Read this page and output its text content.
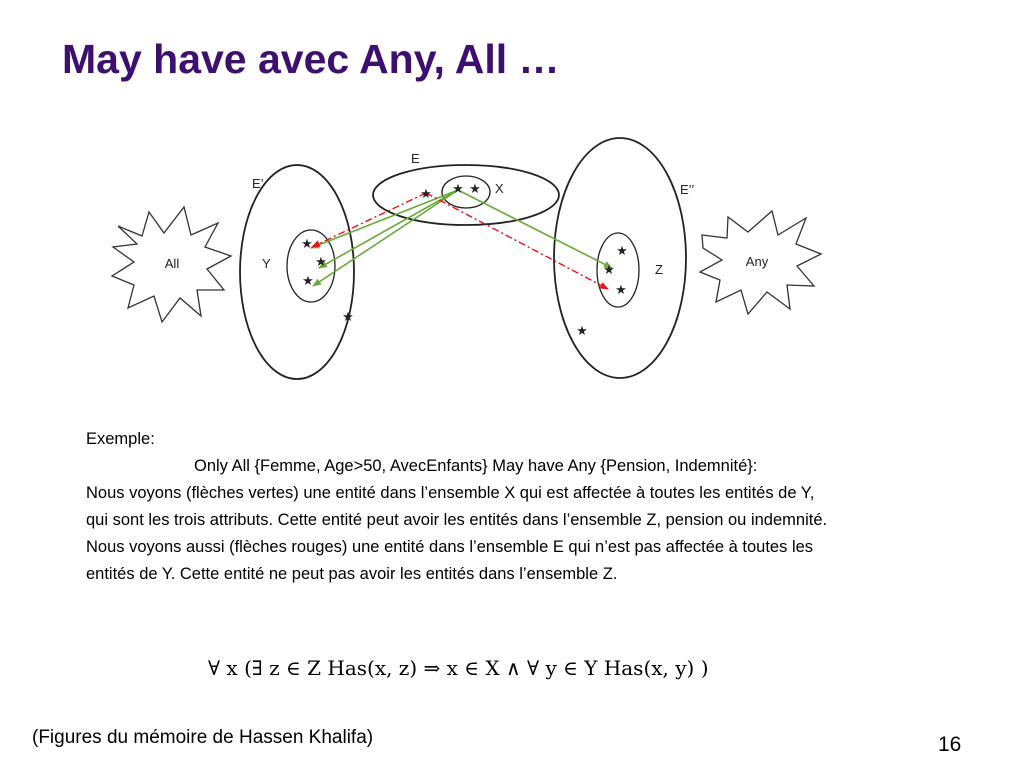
May have avec Any, All …
All	Any
E’
Y
E
X	E’’
Z
★ ★ ★
★
★
★
★
★
★
★
★

Exemple:

Only All {Femme, Age>50, AvecEnfants} May have Any {Pension, Indemnité}:

Nous voyons (flèches vertes) une entité dans l’ensemble X qui est affectée à toutes les entités de Y,

qui sont les trois attributs. Cette entité peut avoir les entités dans l’ensemble Z, pension ou indemnité.

Nous voyons aussi (flèches rouges) une entité dans l’ensemble E qui n’est pas affectée à toutes les

entités de Y. Cette entité ne peut pas avoir les entités dans l’ensemble Z.

∀ x (∃ z ∈ Z Has(x, z) ⇒ x ∈ X ∧ ∀ y ∈ Y Has(x, y) )
(Figures du mémoire de Hassen Khalifa)	16
